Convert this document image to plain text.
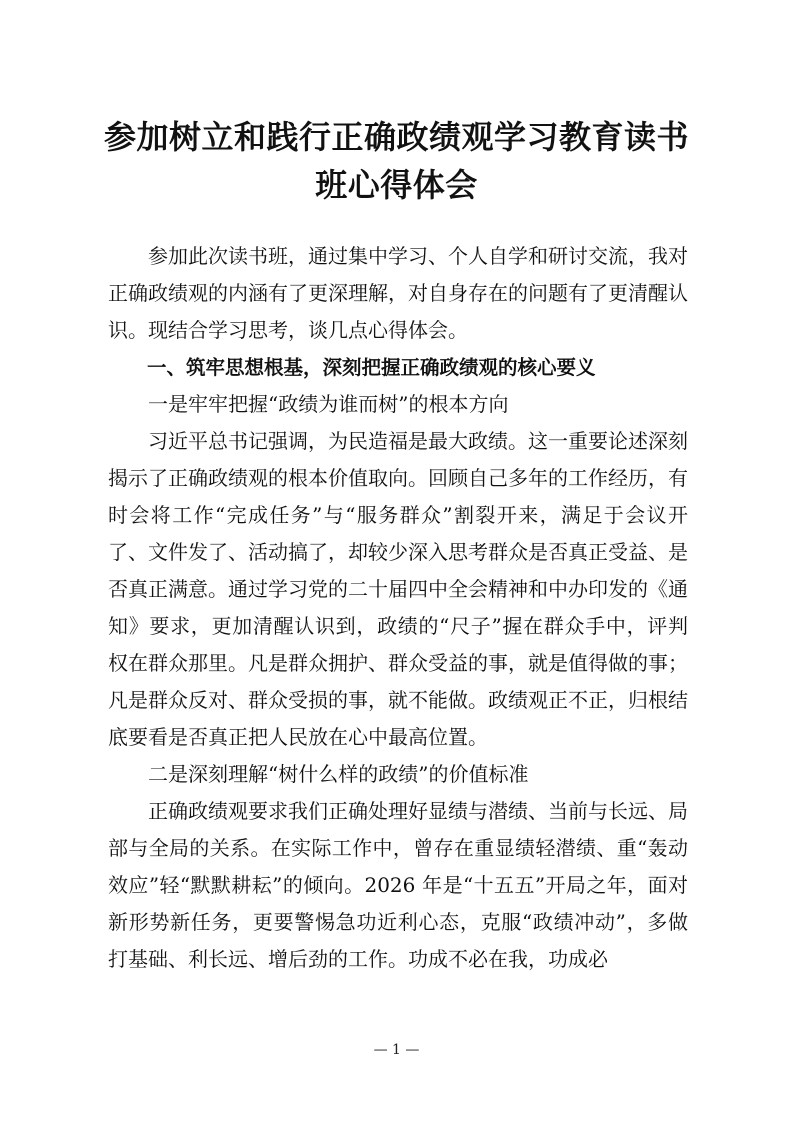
参加树立和践行正确政绩观学习教育读书
班心得体会

参加此次读书班，通过集中学习、个人自学和研讨交流，我对正确政绩观的内涵有了更深理解，对自身存在的问题有了更清醒认识。现结合学习思考，谈几点心得体会。

一、筑牢思想根基，深刻把握正确政绩观的核心要义

一是牢牢把握“政绩为谁而树”的根本方向

习近平总书记强调，为民造福是最大政绩。这一重要论述深刻揭示了正确政绩观的根本价值取向。回顾自己多年的工作经历，有时会将工作“完成任务”与“服务群众”割裂开来，满足于会议开了、文件发了、活动搞了，却较少深入思考群众是否真正受益、是否真正满意。通过学习党的二十届四中全会精神和中办印发的《通知》要求，更加清醒认识到，政绩的“尺子”握在群众手中，评判权在群众那里。凡是群众拥护、群众受益的事，就是值得做的事；凡是群众反对、群众受损的事，就不能做。政绩观正不正，归根结底要看是否真正把人民放在心中最高位置。

二是深刻理解“树什么样的政绩”的价值标准

正确政绩观要求我们正确处理好显绩与潜绩、当前与长远、局部与全局的关系。在实际工作中，曾存在重显绩轻潜绩、重“轰动效应”轻“默默耕耘”的倾向。2026 年是“十五五”开局之年，面对新形势新任务，更要警惕急功近利心态，克服“政绩冲动”，多做打基础、利长远、增后劲的工作。功成不必在我，功成必

— 1 —
